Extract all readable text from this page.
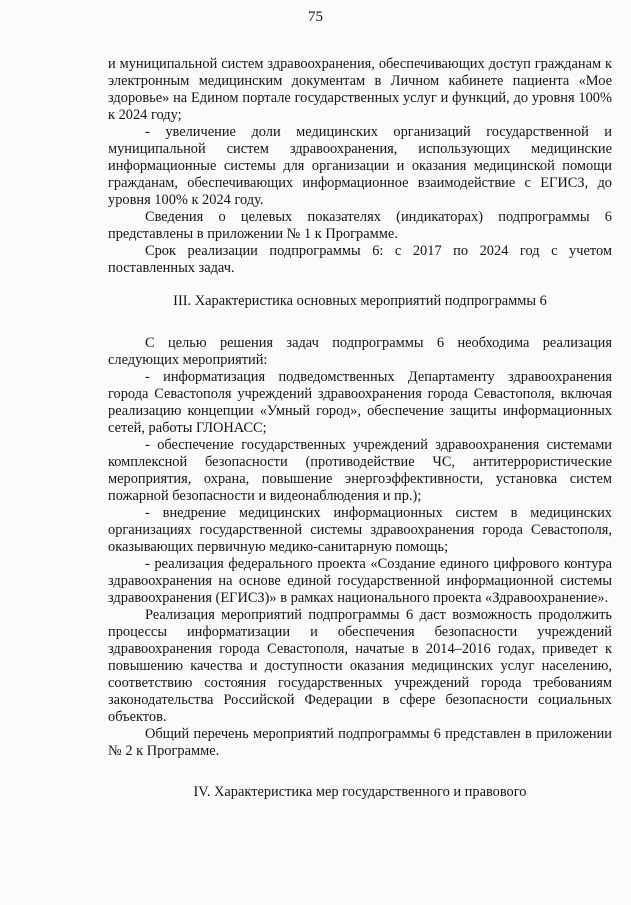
75

и муниципальной систем здравоохранения, обеспечивающих доступ гражданам к электронным медицинским документам в Личном кабинете пациента «Мое здоровье» на Едином портале государственных услуг и функций, до уровня 100% к 2024 году;

- увеличение доли медицинских организаций государственной и муниципальной систем здравоохранения, использующих медицинские информационные системы для организации и оказания медицинской помощи гражданам, обеспечивающих информационное взаимодействие с ЕГИСЗ, до уровня 100% к 2024 году.

Сведения о целевых показателях (индикаторах) подпрограммы 6 представлены в приложении № 1 к Программе.

Срок реализации подпрограммы 6: с 2017 по 2024 год с учетом поставленных задач.

III. Характеристика основных мероприятий подпрограммы 6

С целью решения задач подпрограммы 6 необходима реализация следующих мероприятий:

- информатизация подведомственных Департаменту здравоохранения города Севастополя учреждений здравоохранения города Севастополя, включая реализацию концепции «Умный город», обеспечение защиты информационных сетей, работы ГЛОНАСС;

- обеспечение государственных учреждений здравоохранения системами комплексной безопасности (противодействие ЧС, антитеррористические мероприятия, охрана, повышение энергоэффективности, установка систем пожарной безопасности и видеонаблюдения и пр.);

- внедрение медицинских информационных систем в медицинских организациях государственной системы здравоохранения города Севастополя, оказывающих первичную медико-санитарную помощь;

- реализация федерального проекта «Создание единого цифрового контура здравоохранения на основе единой государственной информационной системы здравоохранения (ЕГИСЗ)» в рамках национального проекта «Здравоохранение».

Реализация мероприятий подпрограммы 6 даст возможность продолжить процессы информатизации и обеспечения безопасности учреждений здравоохранения города Севастополя, начатые в 2014–2016 годах, приведет к повышению качества и доступности оказания медицинских услуг населению, соответствию состояния государственных учреждений города требованиям законодательства Российской Федерации в сфере безопасности социальных объектов.

Общий перечень мероприятий подпрограммы 6 представлен в приложении № 2 к Программе.

IV. Характеристика мер государственного и правового
